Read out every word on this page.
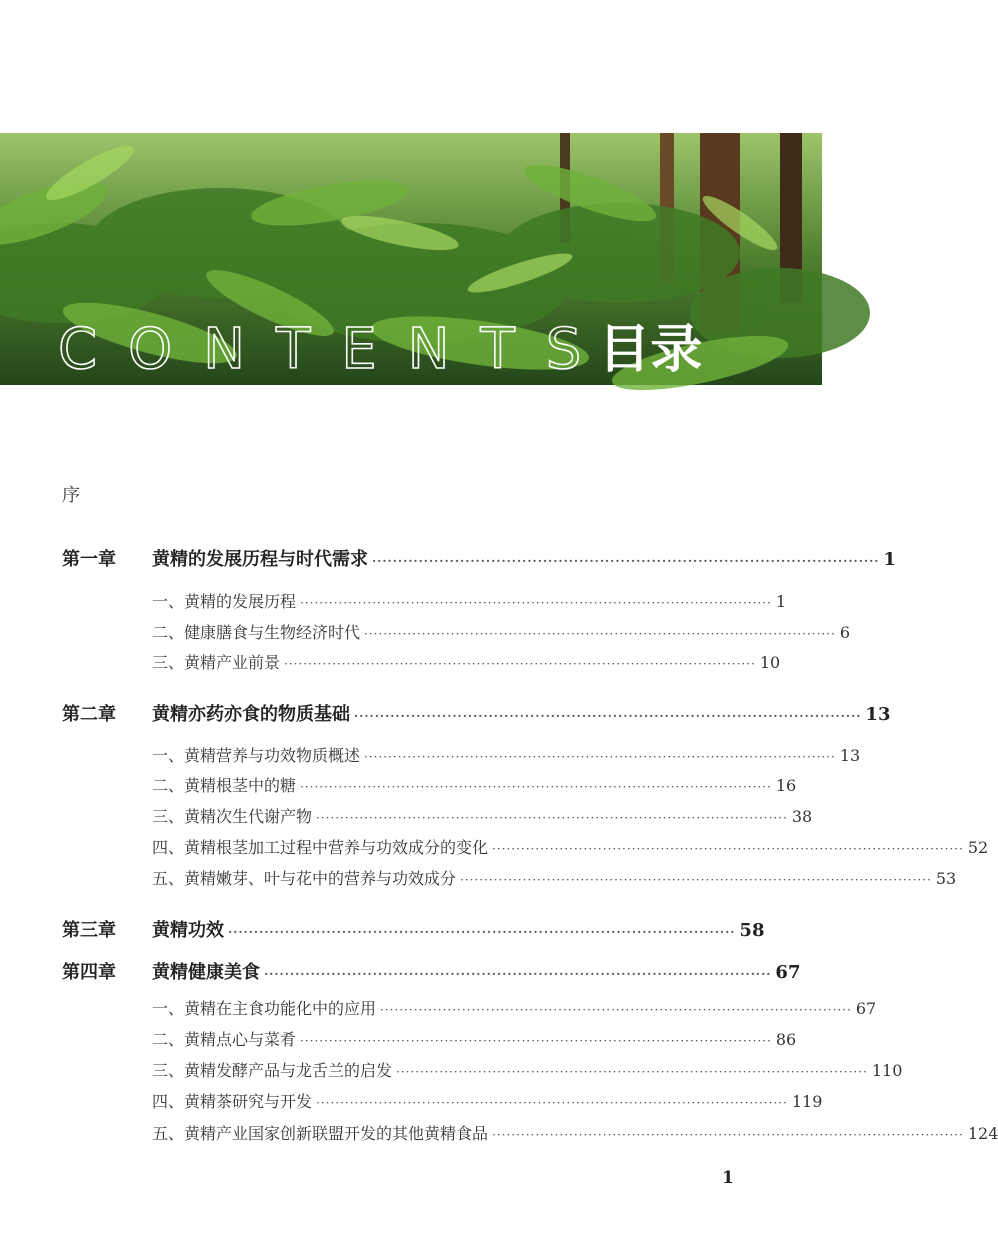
CONTENTS
目录
序
第一章	黄精的发展历程与时代需求 ·································································································· 1
一、黄精的发展历程 ·································································································· 1
二、健康膳食与生物经济时代 ·································································································· 6
三、黄精产业前景 ·································································································· 10
第二章	黄精亦药亦食的物质基础 ·································································································· 13
一、黄精营养与功效物质概述 ·································································································· 13
二、黄精根茎中的糖 ·································································································· 16
三、黄精次生代谢产物 ·································································································· 38
四、黄精根茎加工过程中营养与功效成分的变化 ·································································································· 52
五、黄精嫩芽、叶与花中的营养与功效成分 ·································································································· 53
第三章	黄精功效 ·································································································· 58
第四章	黄精健康美食 ·································································································· 67
一、黄精在主食功能化中的应用 ·································································································· 67
二、黄精点心与菜肴 ·································································································· 86
三、黄精发酵产品与龙舌兰的启发 ·································································································· 110
四、黄精茶研究与开发 ·································································································· 119
五、黄精产业国家创新联盟开发的其他黄精食品 ·································································································· 124
1
